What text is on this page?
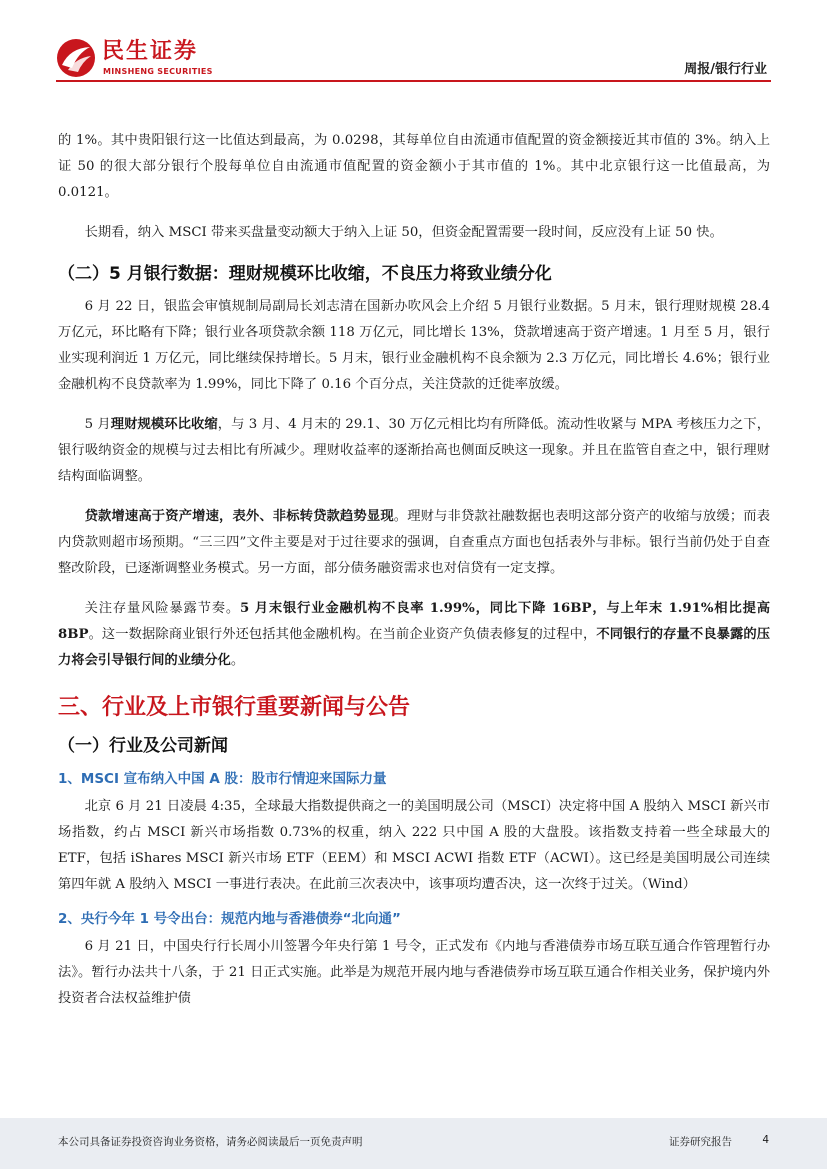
民生证券
MINSHENG SECURITIES	周报/银行行业

的 1%。其中贵阳银行这一比值达到最高，为 0.0298，其每单位自由流通市值配置的资金额接近其市值的 3%。纳入上证 50 的很大部分银行个股每单位自由流通市值配置的资金额小于其市值的 1%。其中北京银行这一比值最高，为 0.0121。

长期看，纳入 MSCI 带来买盘量变动额大于纳入上证 50，但资金配置需要一段时间，反应没有上证 50 快。

（二）5 月银行数据：理财规模环比收缩，不良压力将致业绩分化

6 月 22 日，银监会审慎规制局副局长刘志清在国新办吹风会上介绍 5 月银行业数据。5 月末，银行理财规模 28.4 万亿元，环比略有下降；银行业各项贷款余额 118 万亿元，同比增长 13%，贷款增速高于资产增速。1 月至 5 月，银行业实现利润近 1 万亿元，同比继续保持增长。5 月末，银行业金融机构不良余额为 2.3 万亿元，同比增长 4.6%；银行业金融机构不良贷款率为 1.99%，同比下降了 0.16 个百分点，关注贷款的迁徙率放缓。

5 月理财规模环比收缩，与 3 月、4 月末的 29.1、30 万亿元相比均有所降低。流动性收紧与 MPA 考核压力之下，银行吸纳资金的规模与过去相比有所减少。理财收益率的逐渐抬高也侧面反映这一现象。并且在监管自查之中，银行理财结构面临调整。

贷款增速高于资产增速，表外、非标转贷款趋势显现。理财与非贷款社融数据也表明这部分资产的收缩与放缓；而表内贷款则超市场预期。“三三四”文件主要是对于过往要求的强调，自查重点方面也包括表外与非标。银行当前仍处于自查整改阶段，已逐渐调整业务模式。另一方面，部分债务融资需求也对信贷有一定支撑。

关注存量风险暴露节奏。5 月末银行业金融机构不良率 1.99%，同比下降 16BP，与上年末 1.91%相比提高 8BP。这一数据除商业银行外还包括其他金融机构。在当前企业资产负债表修复的过程中，不同银行的存量不良暴露的压力将会引导银行间的业绩分化。

三、行业及上市银行重要新闻与公告
（一）行业及公司新闻
1、MSCI 宣布纳入中国 A 股：股市行情迎来国际力量

北京 6 月 21 日凌晨 4:35，全球最大指数提供商之一的美国明晟公司（MSCI）决定将中国 A 股纳入 MSCI 新兴市场指数，约占 MSCI 新兴市场指数 0.73%的权重，纳入 222 只中国 A 股的大盘股。该指数支持着一些全球最大的 ETF，包括 iShares MSCI 新兴市场 ETF（EEM）和 MSCI ACWI 指数 ETF（ACWI）。这已经是美国明晟公司连续第四年就 A 股纳入 MSCI 一事进行表决。在此前三次表决中，该事项均遭否决，这一次终于过关。（Wind）

2、央行今年 1 号令出台：规范内地与香港债券“北向通”

6 月 21 日，中国央行行长周小川签署今年央行第 1 号令，正式发布《内地与香港债券市场互联互通合作管理暂行办法》。暂行办法共十八条，于 21 日正式实施。此举是为规范开展内地与香港债券市场互联互通合作相关业务，保护境内外投资者合法权益维护债

本公司具备证券投资咨询业务资格，请务必阅读最后一页免责声明	证券研究报告	4
